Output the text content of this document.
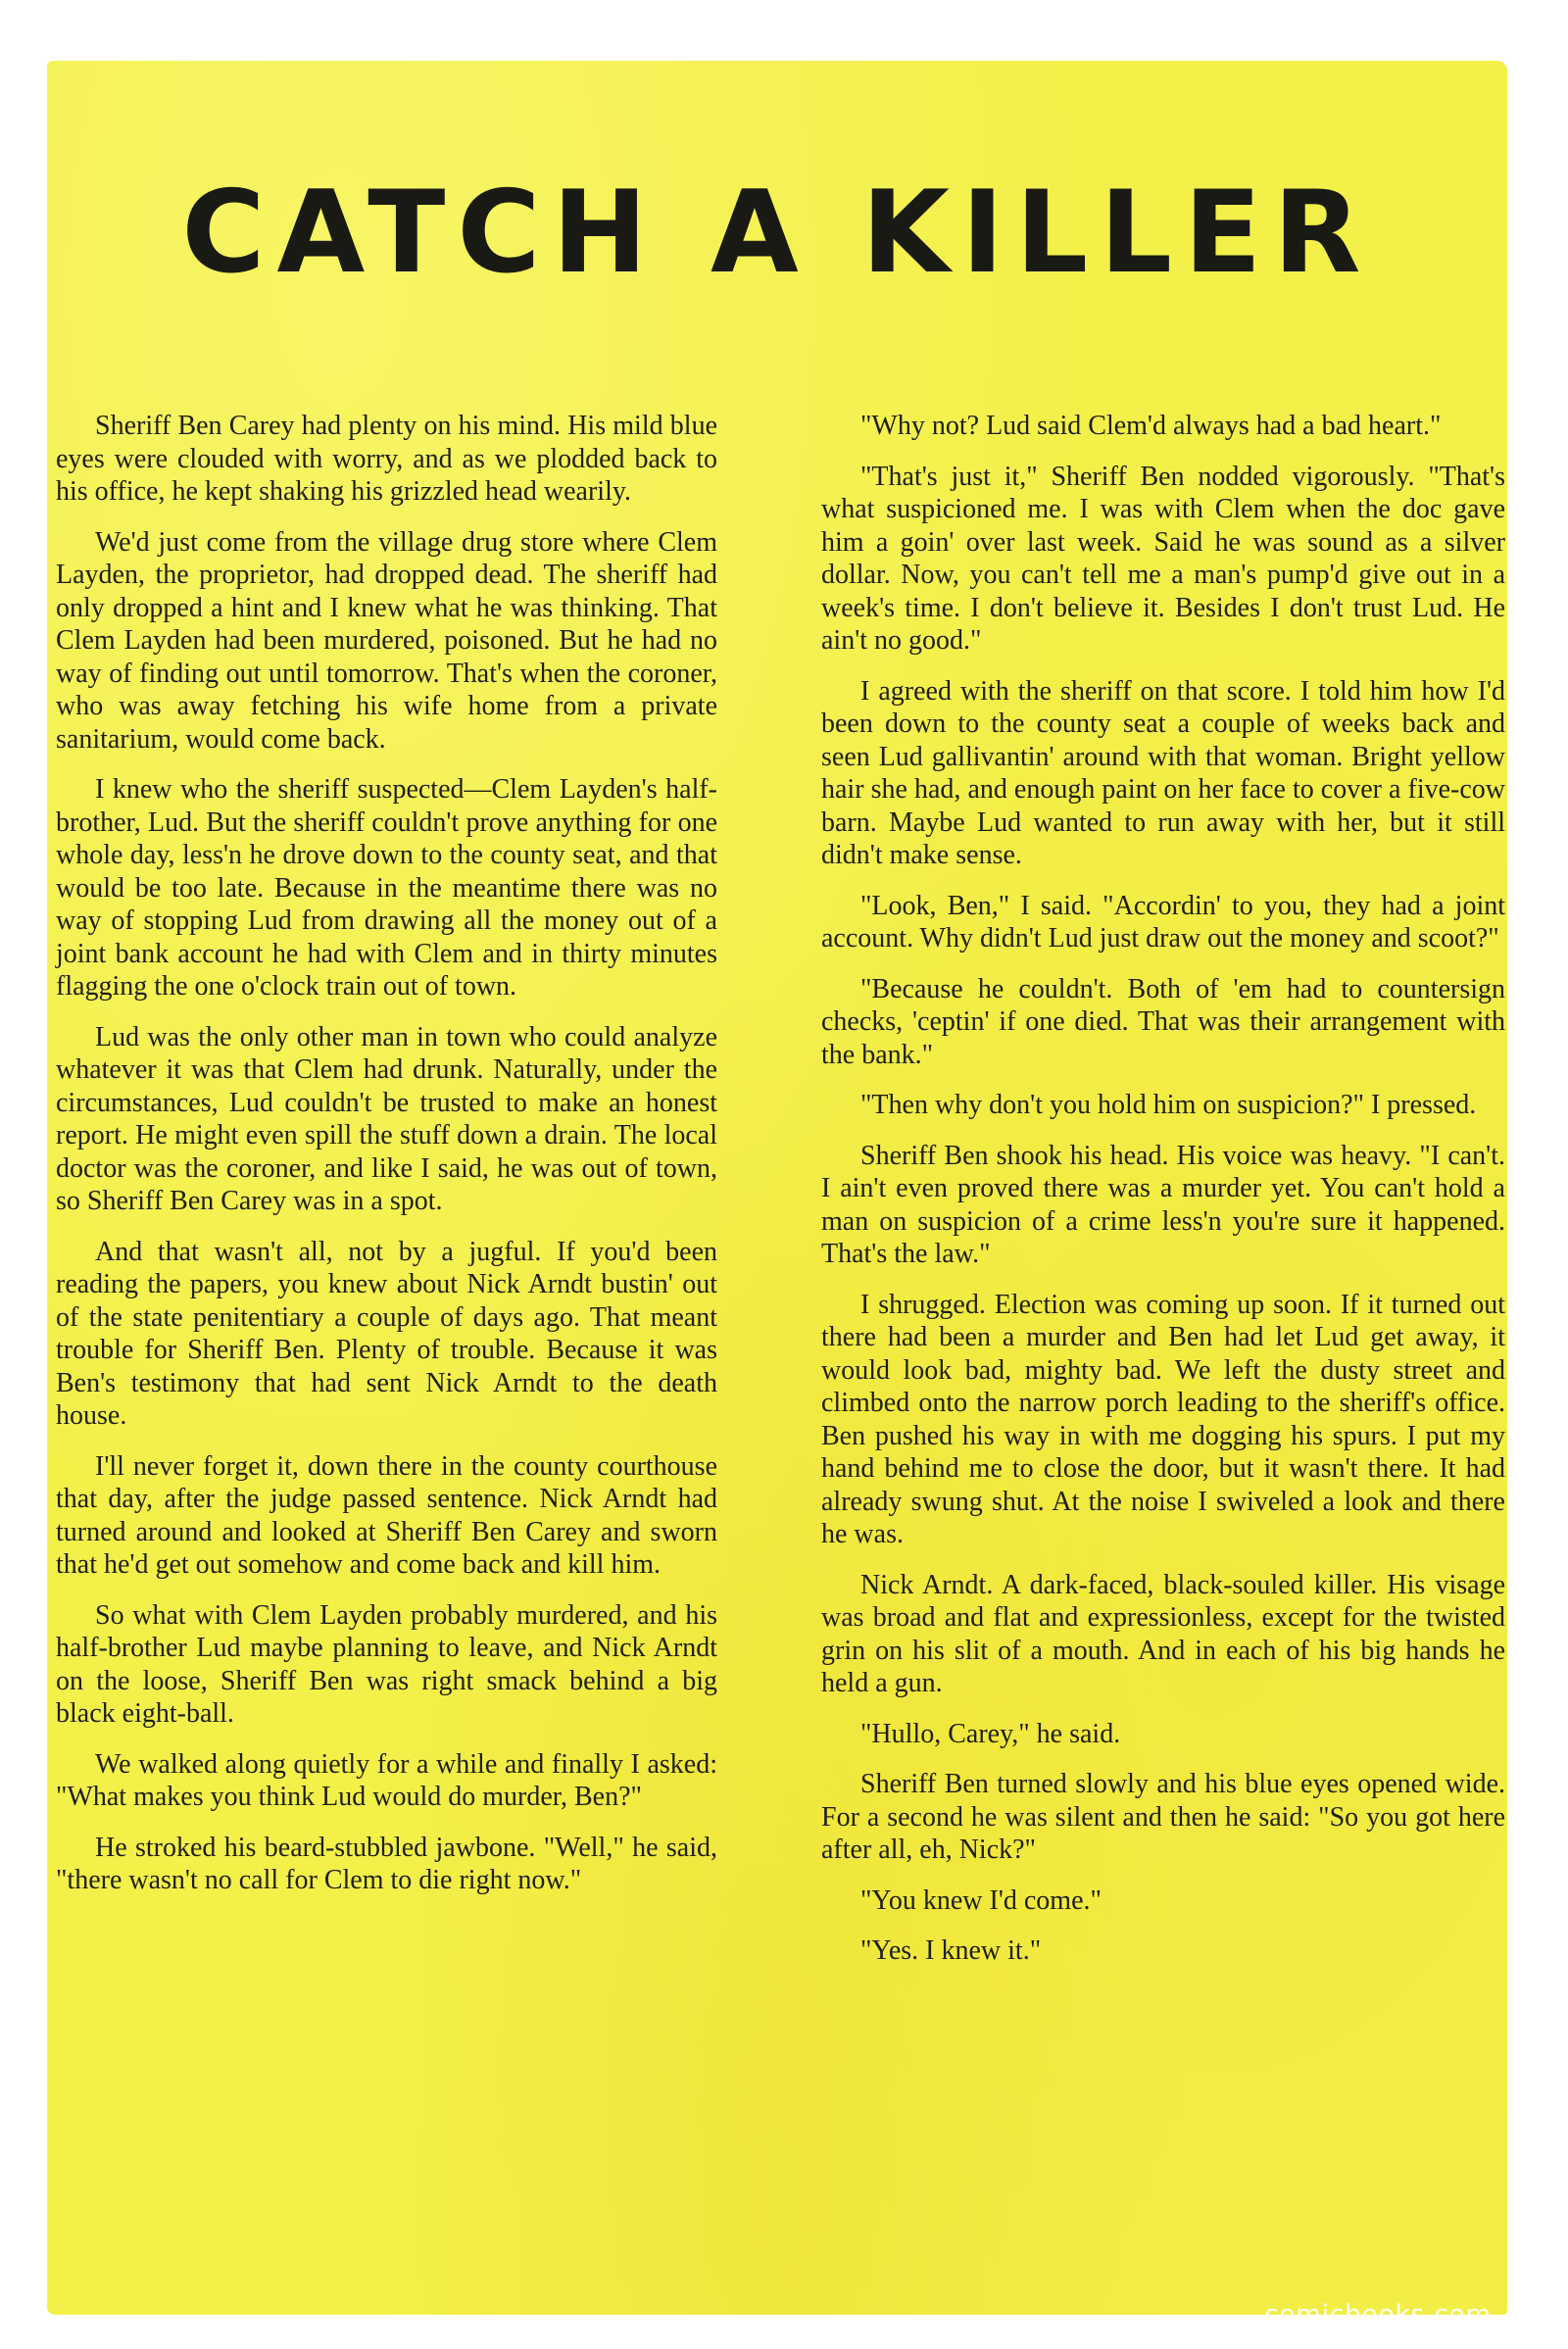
CATCH A KILLER

Sheriff Ben Carey had plenty on his mind. His mild blue eyes were clouded with worry, and as we plodded back to his office, he kept shaking his grizzled head wearily.

We'd just come from the village drug store where Clem Layden, the proprietor, had dropped dead. The sheriff had only dropped a hint and I knew what he was thinking. That Clem Layden had been murdered, poisoned. But he had no way of finding out until tomorrow. That's when the coroner, who was away fetching his wife home from a private sanitarium, would come back.

I knew who the sheriff suspected—Clem Layden's half-brother, Lud. But the sheriff couldn't prove anything for one whole day, less'n he drove down to the county seat, and that would be too late. Because in the meantime there was no way of stopping Lud from drawing all the money out of a joint bank account he had with Clem and in thirty minutes flagging the one o'clock train out of town.

Lud was the only other man in town who could analyze whatever it was that Clem had drunk. Naturally, under the circumstances, Lud couldn't be trusted to make an honest report. He might even spill the stuff down a drain. The local doctor was the coroner, and like I said, he was out of town, so Sheriff Ben Carey was in a spot.

And that wasn't all, not by a jugful. If you'd been reading the papers, you knew about Nick Arndt bustin' out of the state penitentiary a couple of days ago. That meant trouble for Sheriff Ben. Plenty of trouble. Because it was Ben's testimony that had sent Nick Arndt to the death house.

I'll never forget it, down there in the county courthouse that day, after the judge passed sentence. Nick Arndt had turned around and looked at Sheriff Ben Carey and sworn that he'd get out somehow and come back and kill him.

So what with Clem Layden probably murdered, and his half-brother Lud maybe planning to leave, and Nick Arndt on the loose, Sheriff Ben was right smack behind a big black eight-ball.

We walked along quietly for a while and finally I asked: "What makes you think Lud would do murder, Ben?"

He stroked his beard-stubbled jawbone. "Well," he said, "there wasn't no call for Clem to die right now."

"Why not? Lud said Clem'd always had a bad heart."

"That's just it," Sheriff Ben nodded vigorously. "That's what suspicioned me. I was with Clem when the doc gave him a goin' over last week. Said he was sound as a silver dollar. Now, you can't tell me a man's pump'd give out in a week's time. I don't believe it. Besides I don't trust Lud. He ain't no good."

I agreed with the sheriff on that score. I told him how I'd been down to the county seat a couple of weeks back and seen Lud gallivantin' around with that woman. Bright yellow hair she had, and enough paint on her face to cover a five-cow barn. Maybe Lud wanted to run away with her, but it still didn't make sense.

"Look, Ben," I said. "Accordin' to you, they had a joint account. Why didn't Lud just draw out the money and scoot?"

"Because he couldn't. Both of 'em had to countersign checks, 'ceptin' if one died. That was their arrangement with the bank."

"Then why don't you hold him on suspicion?" I pressed.

Sheriff Ben shook his head. His voice was heavy. "I can't. I ain't even proved there was a murder yet. You can't hold a man on suspicion of a crime less'n you're sure it happened. That's the law."

I shrugged. Election was coming up soon. If it turned out there had been a murder and Ben had let Lud get away, it would look bad, mighty bad. We left the dusty street and climbed onto the narrow porch leading to the sheriff's office. Ben pushed his way in with me dogging his spurs. I put my hand behind me to close the door, but it wasn't there. It had already swung shut. At the noise I swiveled a look and there he was.

Nick Arndt. A dark-faced, black-souled killer. His visage was broad and flat and expressionless, except for the twisted grin on his slit of a mouth. And in each of his big hands he held a gun.

"Hullo, Carey," he said.

Sheriff Ben turned slowly and his blue eyes opened wide. For a second he was silent and then he said: "So you got here after all, eh, Nick?"

"You knew I'd come."

"Yes. I knew it."

comicbooks.com
